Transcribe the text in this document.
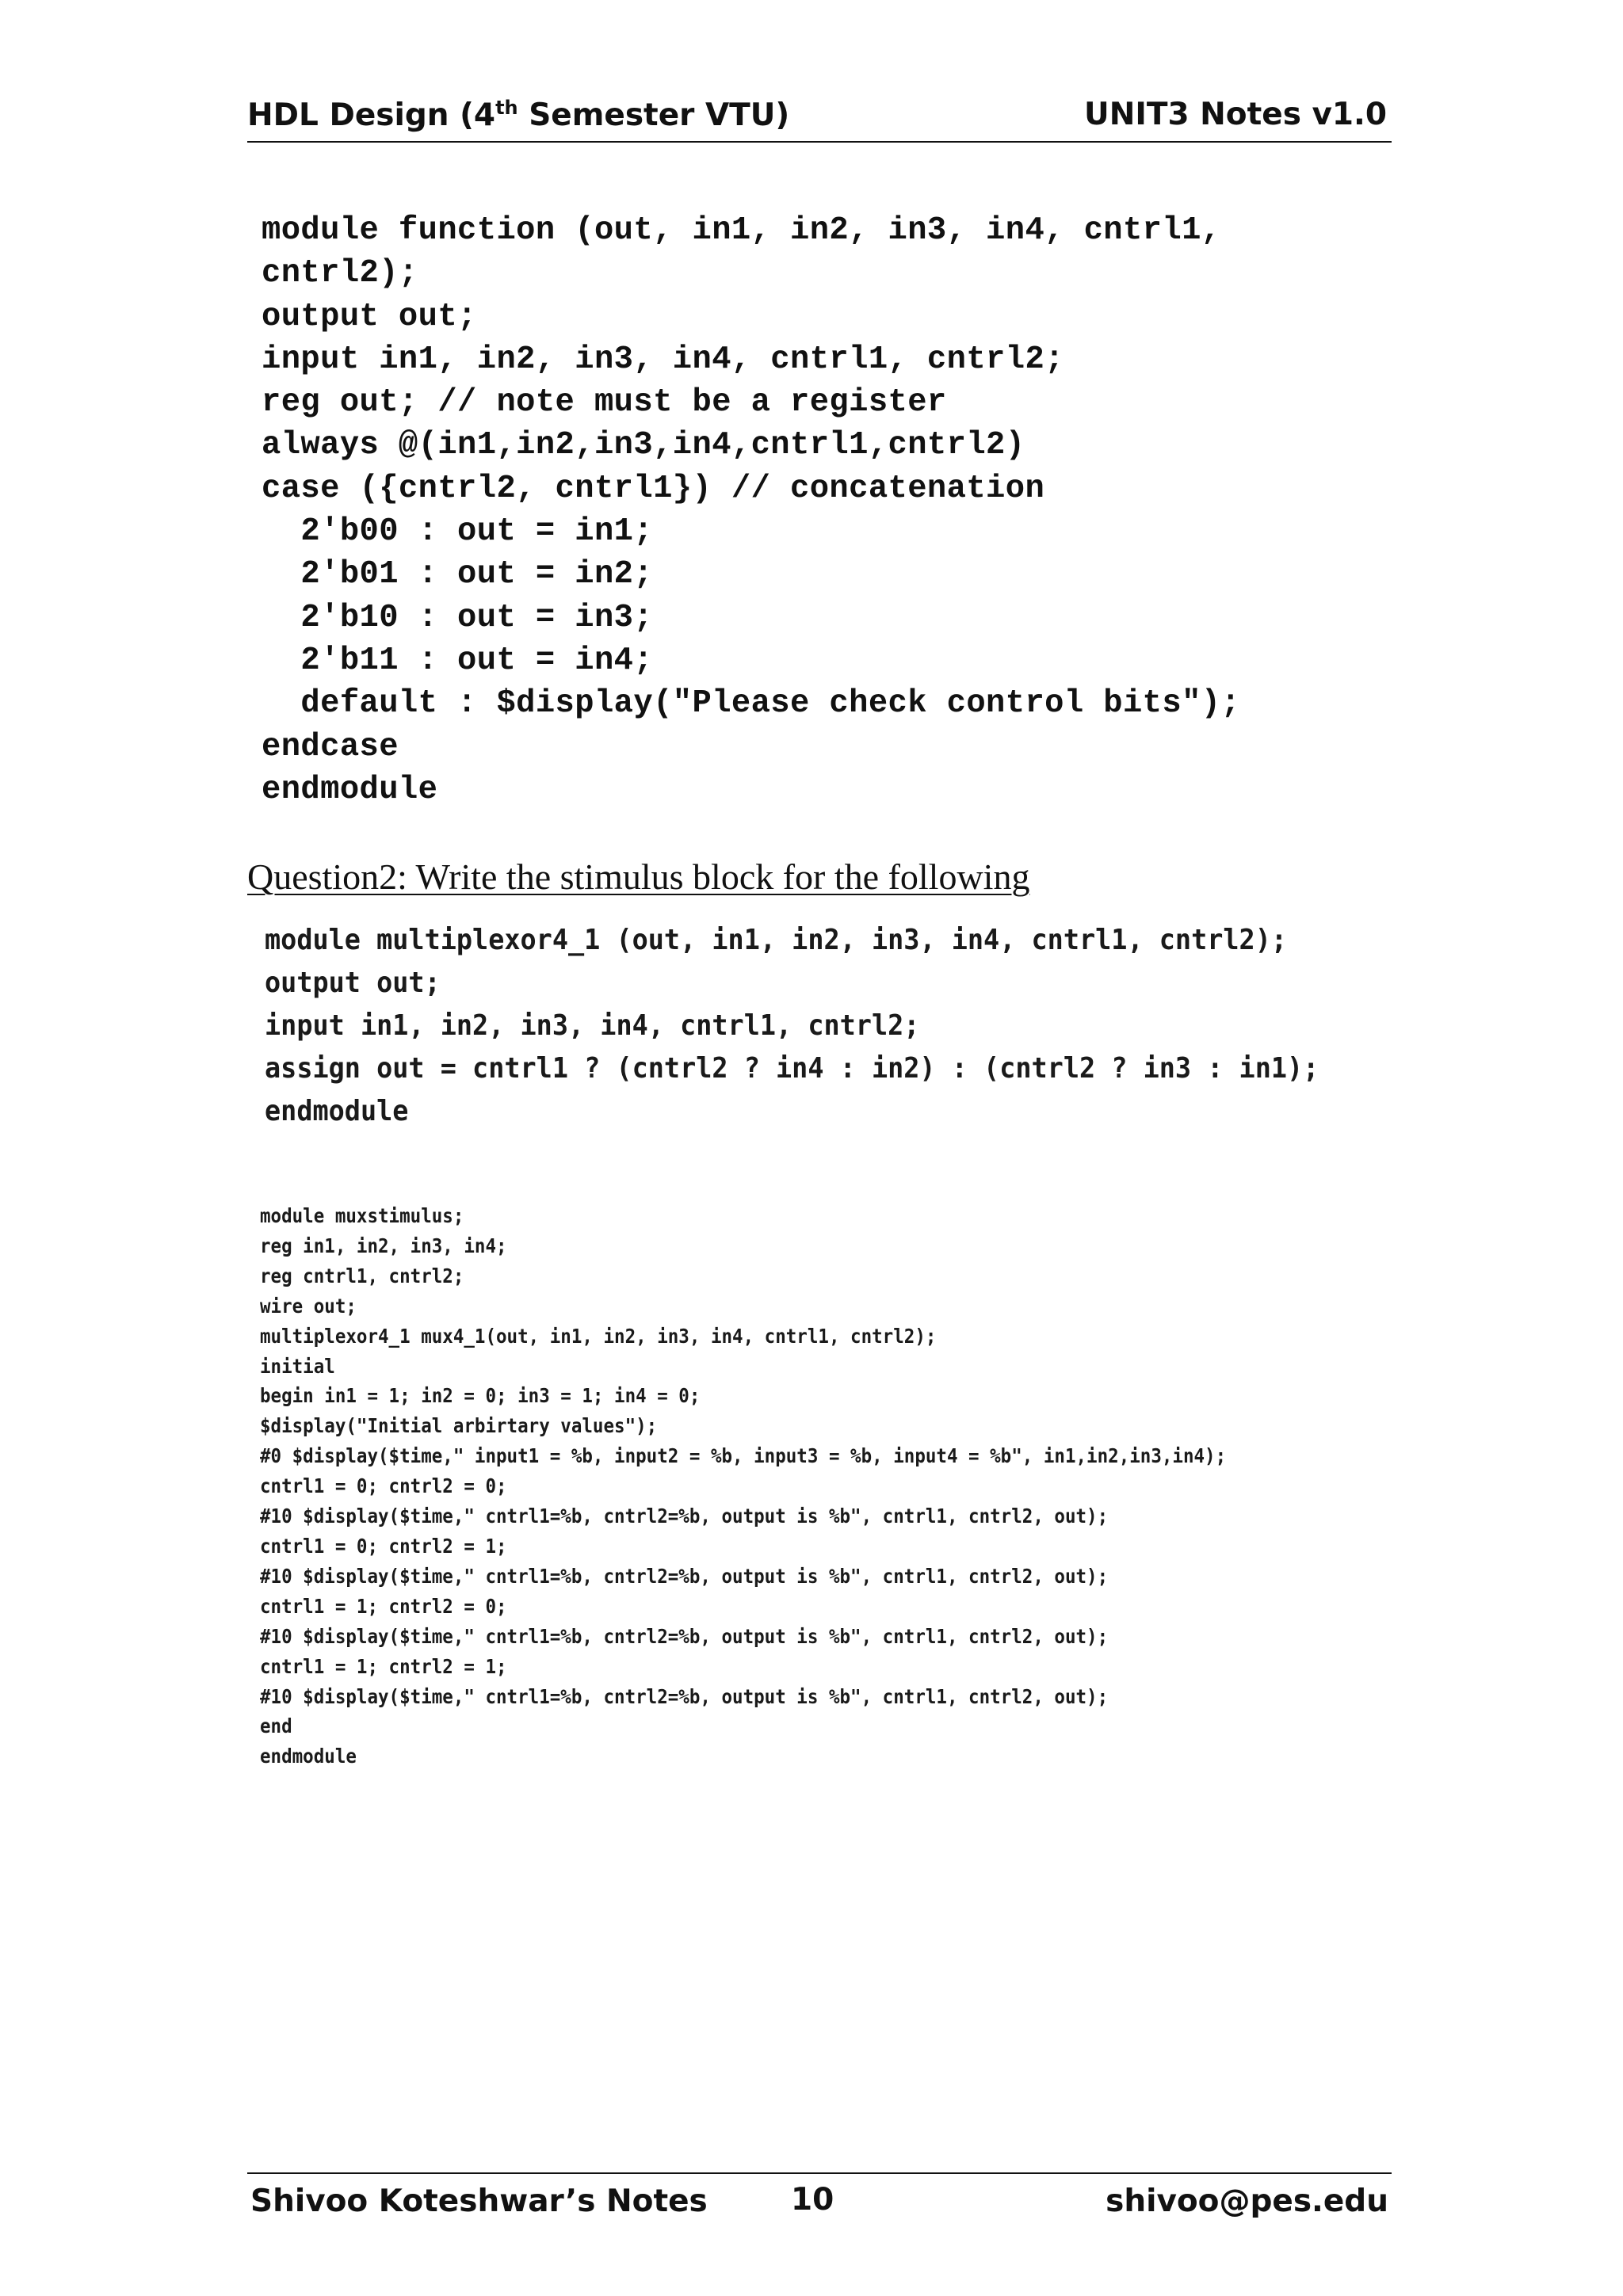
HDL Design (4th Semester VTU)	UNIT3 Notes v1.0
module function (out, in1, in2, in3, in4, cntrl1,
cntrl2);
output out;
input in1, in2, in3, in4, cntrl1, cntrl2;
reg out; // note must be a register
always @(in1,in2,in3,in4,cntrl1,cntrl2)
case ({cntrl2, cntrl1}) // concatenation
2'b00 : out = in1;
2'b01 : out = in2;
2'b10 : out = in3;
2'b11 : out = in4;
default : $display("Please check control bits");
endcase
endmodule
Question2: Write the stimulus block for the following
module multiplexor4_1 (out, in1, in2, in3, in4, cntrl1, cntrl2);
output out;
input in1, in2, in3, in4, cntrl1, cntrl2;
assign out = cntrl1 ? (cntrl2 ? in4 : in2) : (cntrl2 ? in3 : in1);
endmodule
module muxstimulus;
reg in1, in2, in3, in4;
reg cntrl1, cntrl2;
wire out;
multiplexor4_1 mux4_1(out, in1, in2, in3, in4, cntrl1, cntrl2);
initial
begin in1 = 1; in2 = 0; in3 = 1; in4 = 0;
$display("Initial arbirtary values");
#0 $display($time," input1 = %b, input2 = %b, input3 = %b, input4 = %b", in1,in2,in3,in4);
cntrl1 = 0; cntrl2 = 0;
#10 $display($time," cntrl1=%b, cntrl2=%b, output is %b", cntrl1, cntrl2, out);
cntrl1 = 0; cntrl2 = 1;
#10 $display($time," cntrl1=%b, cntrl2=%b, output is %b", cntrl1, cntrl2, out);
cntrl1 = 1; cntrl2 = 0;
#10 $display($time," cntrl1=%b, cntrl2=%b, output is %b", cntrl1, cntrl2, out);
cntrl1 = 1; cntrl2 = 1;
#10 $display($time," cntrl1=%b, cntrl2=%b, output is %b", cntrl1, cntrl2, out);
end
endmodule
Shivoo Koteshwar’s Notes	10	shivoo@pes.edu
